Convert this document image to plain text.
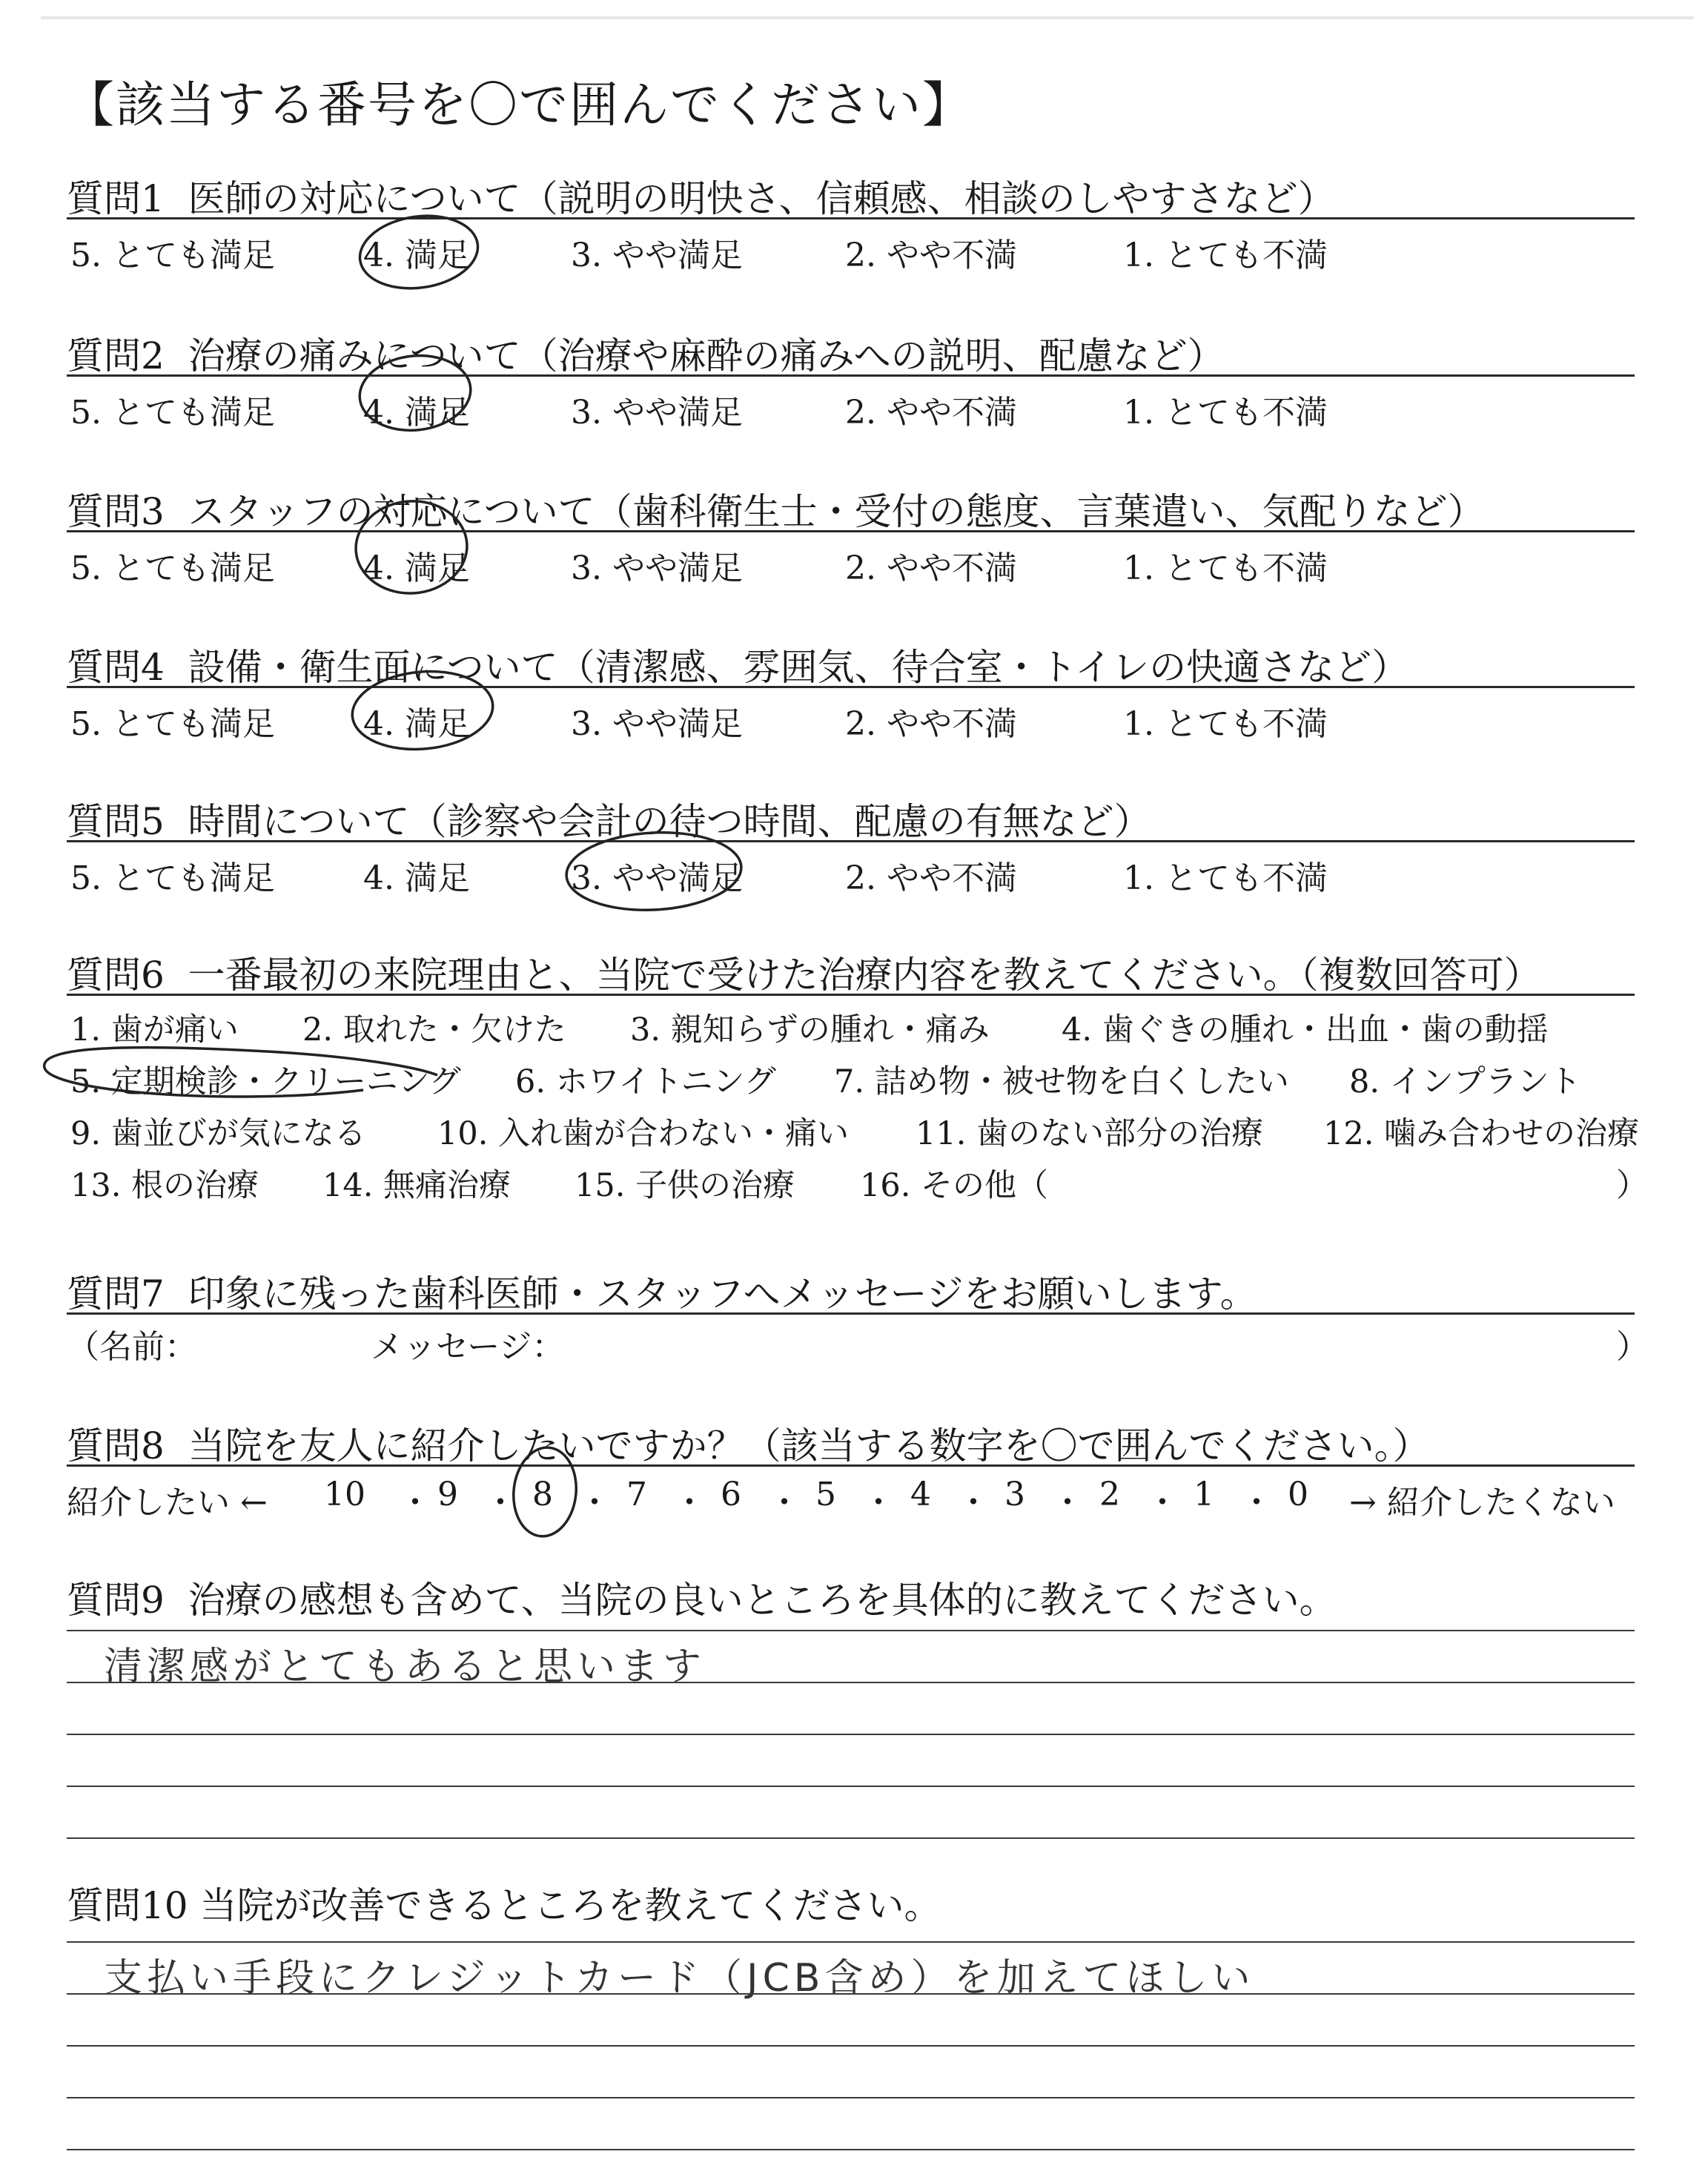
【該当する番号を〇で囲んでください】
質問1 医師の対応について（説明の明快さ、信頼感、相談のしやすさなど）
5. とても満足	4. 満足	3. やや満足	2. やや不満	1. とても不満
質問2 治療の痛みについて（治療や麻酔の痛みへの説明、配慮など）
5. とても満足	4. 満足	3. やや満足	2. やや不満	1. とても不満
質問3 スタッフの対応について（歯科衛生士・受付の態度、言葉遣い、気配りなど）
5. とても満足	4. 満足	3. やや満足	2. やや不満	1. とても不満
質問4 設備・衛生面について（清潔感、雰囲気、待合室・トイレの快適さなど）
5. とても満足	4. 満足	3. やや満足	2. やや不満	1. とても不満
質問5 時間について（診察や会計の待つ時間、配慮の有無など）
5. とても満足	4. 満足	3. やや満足	2. やや不満	1. とても不満
質問6 一番最初の来院理由と、当院で受けた治療内容を教えてください。（複数回答可）
1. 歯が痛い 2. 取れた・欠けた 3. 親知らずの腫れ・痛み 4. 歯ぐきの腫れ・出血・歯の動揺
5. 定期検診・クリーニング 6. ホワイトニング 7. 詰め物・被せ物を白くしたい 8. インプラント
9. 歯並びが気になる 10. 入れ歯が合わない・痛い 11. 歯のない部分の治療 12. 噛み合わせの治療
13. 根の治療 14. 無痛治療 15. 子供の治療 16. その他（	）
質問7 印象に残った歯科医師・スタッフへメッセージをお願いします。
（名前：	メッセージ：	）
質問8 当院を友人に紹介したいですか？（該当する数字を〇で囲んでください。）
紹介したい ←	→ 紹介したくない
10 ・ 9 ・ 8 ・ 7 ・ 6 ・ 5 ・ 4 ・ 3 ・ 2 ・ 1 ・ 0
質問9 治療の感想も含めて、当院の良いところを具体的に教えてください。
清潔感がとてもあると思います
質問10 当院が改善できるところを教えてください。
支払い手段にクレジットカード（JCB含め）を加えてほしい
